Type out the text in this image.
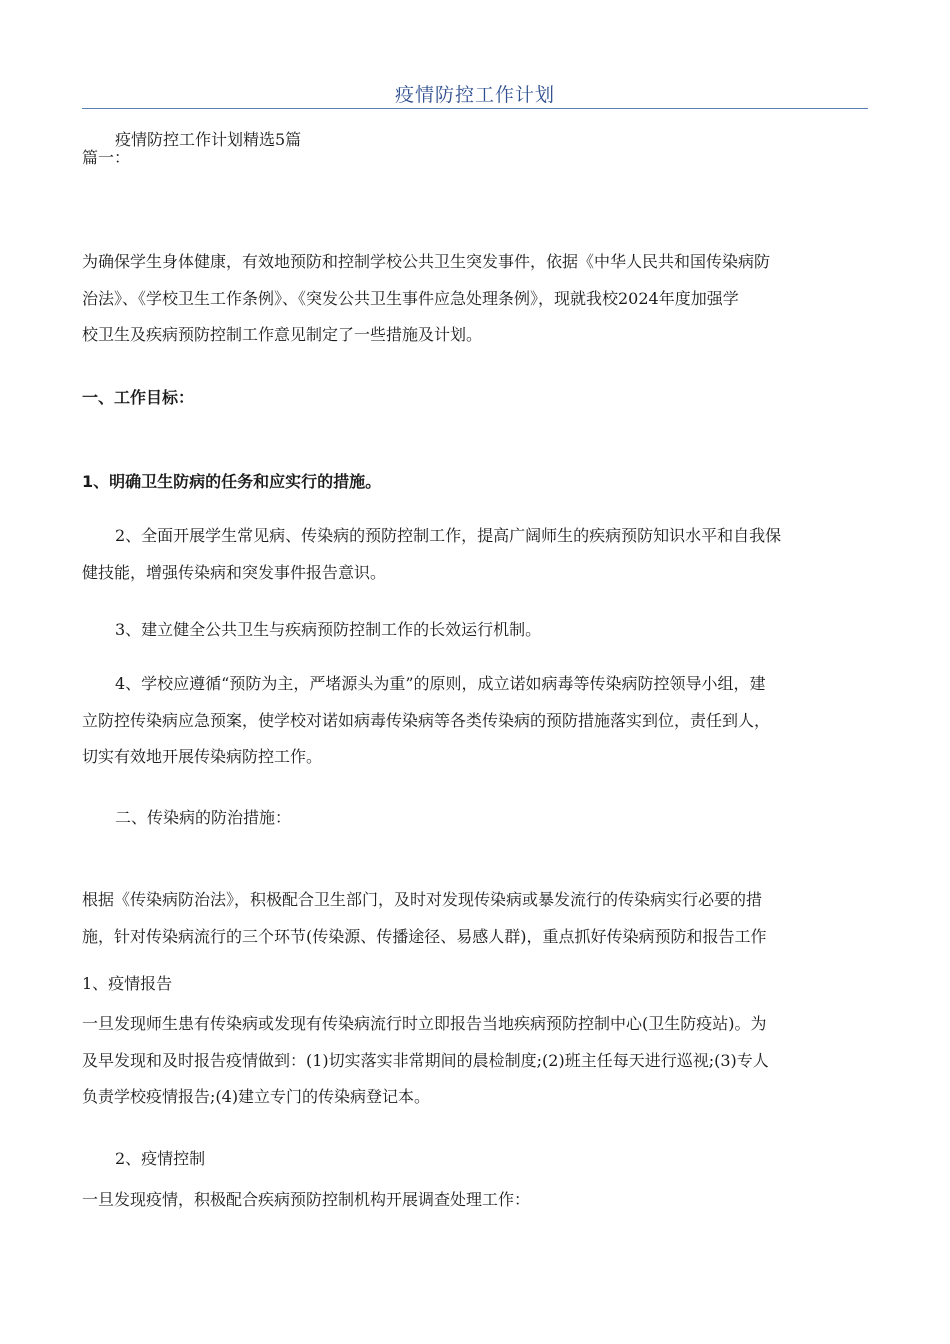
疫情防控工作计划

疫情防控工作计划精选5篇

篇一：

为确保学生身体健康，有效地预防和控制学校公共卫生突发事件，依据《中华人民共和国传染病防
治法》、《学校卫生工作条例》、《突发公共卫生事件应急处理条例》，现就我校2024年度加强学
校卫生及疾病预防控制工作意见制定了一些措施及计划。

一、工作目标：

1、明确卫生防病的任务和应实行的措施。

2、全面开展学生常见病、传染病的预防控制工作，提高广阔师生的疾病预防知识水平和自我保
健技能，增强传染病和突发事件报告意识。

3、建立健全公共卫生与疾病预防控制工作的长效运行机制。

4、学校应遵循“预防为主，严堵源头为重”的原则，成立诺如病毒等传染病防控领导小组，建
立防控传染病应急预案，使学校对诺如病毒传染病等各类传染病的预防措施落实到位，责任到人，
切实有效地开展传染病防控工作。

二、传染病的防治措施：

根据《传染病防治法》，积极配合卫生部门，及时对发现传染病或暴发流行的传染病实行必要的措
施，针对传染病流行的三个环节(传染源、传播途径、易感人群)，重点抓好传染病预防和报告工作

1、疫情报告

一旦发现师生患有传染病或发现有传染病流行时立即报告当地疾病预防控制中心(卫生防疫站)。为
及早发现和及时报告疫情做到：(1)切实落实非常期间的晨检制度;(2)班主任每天进行巡视;(3)专人
负责学校疫情报告;(4)建立专门的传染病登记本。

2、疫情控制

一旦发现疫情，积极配合疾病预防控制机构开展调查处理工作：
